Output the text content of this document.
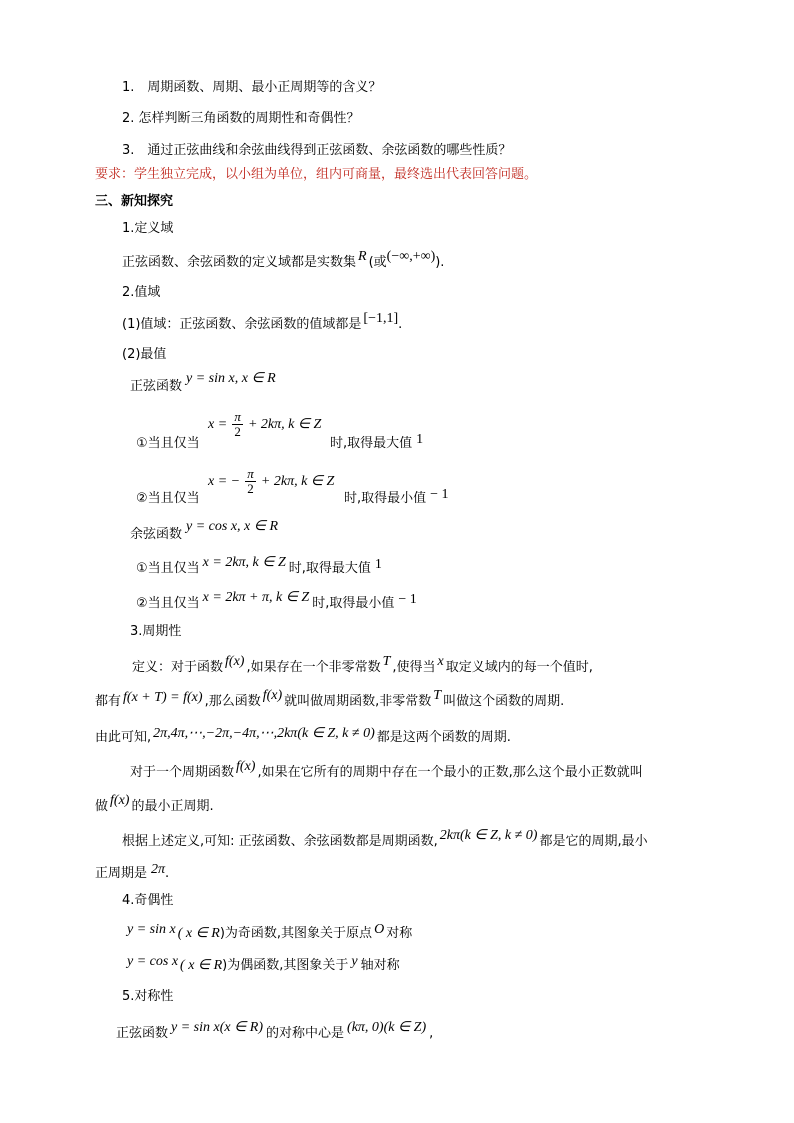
1.　周期函数、周期、最小正周期等的含义？
2. 怎样判断三角函数的周期性和奇偶性？
3.　通过正弦曲线和余弦曲线得到正弦函数、余弦函数的哪些性质？
要求：学生独立完成，以小组为单位，组内可商量，最终选出代表回答问题。
三、新知探究
1.定义域
正弦函数、余弦函数的定义域都是实数集 R (或(−∞,+∞)).
2.值域
(1)值域：正弦函数、余弦函数的值域都是 [−1,1].
(2)最值
正弦函数y = sin x, x ∈ R
①当且仅当
$x = \frac{\pi}{2} + 2k\pi$, k ∈ Z
时,取得最大值 1
②当且仅当
x = − $\frac{\pi}{2} + 2k\pi$, k ∈ Z
时,取得最小值 − 1
余弦函数y = cos x, x ∈ R
①当且仅当 x = 2kπ, k ∈ Z 时,取得最大值 1
②当且仅当 x = 2kπ + π, k ∈ Z 时,取得最小值 − 1
3.周期性
定义：对于函数 f(x) ,如果存在一个非零常数 T ,使得当 x 取定义域内的每一个值时,
都有 f(x + T) = f(x) ,那么函数 f(x) 就叫做周期函数,非零常数 T 叫做这个函数的周期.
由此可知, 2π,4π,⋯,−2π,−4π,⋯,2kπ(k ∈ Z, k ≠ 0) 都是这两个函数的周期.
对于一个周期函数 f(x) ,如果在它所有的周期中存在一个最小的正数,那么这个最小正数就叫
做 f(x) 的最小正周期.
根据上述定义,可知: 正弦函数、余弦函数都是周期函数, 2kπ(k ∈ Z, k ≠ 0) 都是它的周期,最小
正周期是 2π.
4.奇偶性
y = sin x ( x ∈ R)为奇函数,其图象关于原点 O 对称
y = cos x ( x ∈ R)为偶函数,其图象关于 y 轴对称
5.对称性
正弦函数 y = sin x(x ∈ R) 的对称中心是 (kπ, 0)(k ∈ Z) ,
